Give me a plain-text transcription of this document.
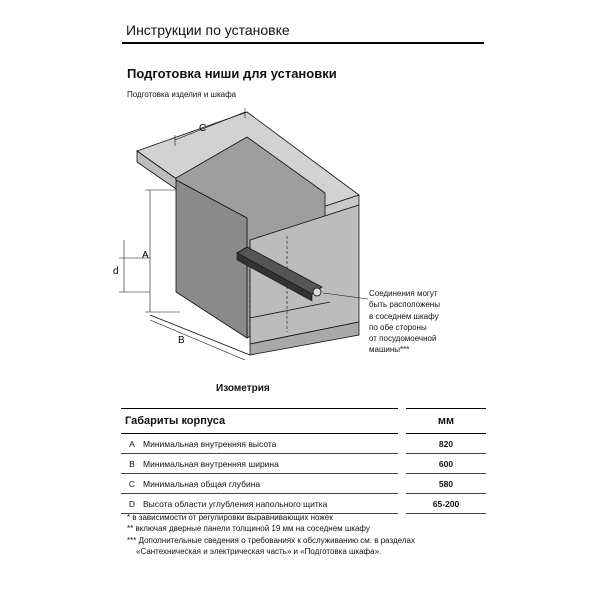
Инструкции по установке
Подготовка ниши для установки
Подготовка изделия и шкафа
C
A
d
B
Соединения могут
быть расположены
в соседнем шкафу
по обе стороны
от посудомоечной
машины***
Изометрия
Габариты корпуса		мм
A	Минимальная внутренняя высота	820
B	Минимальная внутренняя ширина	600
C	Минимальная общая глубина	580
D	Высота области углубления напольного щитка	65-200
* в зависимости от регулировки выравнивающих ножек
** включая дверные панели толщиной 19 мм на соседнем шкафу
*** Дополнительные сведения о требованиях к обслуживанию см. в разделах
«Сантехническая и электрическая часть» и «Подготовка шкафа».
